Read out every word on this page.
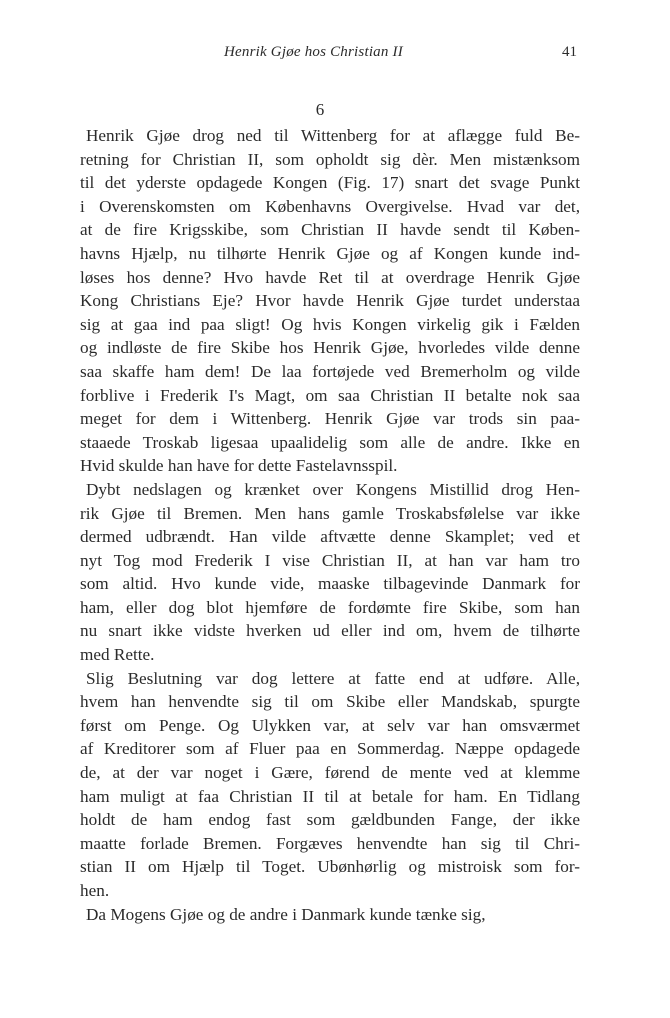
Henrik Gjøe hos Christian II	41
6
Henrik Gjøe drog ned til Wittenberg for at aflægge fuld Be-
retning for Christian II, som opholdt sig dèr. Men mistænksom
til det yderste opdagede Kongen (Fig. 17) snart det svage Punkt
i Overenskomsten om Københavns Overgivelse. Hvad var det,
at de fire Krigsskibe, som Christian II havde sendt til Køben-
havns Hjælp, nu tilhørte Henrik Gjøe og af Kongen kunde ind-
løses hos denne? Hvo havde Ret til at overdrage Henrik Gjøe
Kong Christians Eje? Hvor havde Henrik Gjøe turdet understaa
sig at gaa ind paa sligt! Og hvis Kongen virkelig gik i Fælden
og indløste de fire Skibe hos Henrik Gjøe, hvorledes vilde denne
saa skaffe ham dem! De laa fortøjede ved Bremerholm og vilde
forblive i Frederik I's Magt, om saa Christian II betalte nok saa
meget for dem i Wittenberg. Henrik Gjøe var trods sin paa-
staaede Troskab ligesaa upaalidelig som alle de andre. Ikke en
Hvid skulde han have for dette Fastelavnsspil.
Dybt nedslagen og krænket over Kongens Mistillid drog Hen-
rik Gjøe til Bremen. Men hans gamle Troskabsfølelse var ikke
dermed udbrændt. Han vilde aftvætte denne Skamplet; ved et
nyt Tog mod Frederik I vise Christian II, at han var ham tro
som altid. Hvo kunde vide, maaske tilbagevinde Danmark for
ham, eller dog blot hjemføre de fordømte fire Skibe, som han
nu snart ikke vidste hverken ud eller ind om, hvem de tilhørte
med Rette.
Slig Beslutning var dog lettere at fatte end at udføre. Alle,
hvem han henvendte sig til om Skibe eller Mandskab, spurgte
først om Penge. Og Ulykken var, at selv var han omsværmet
af Kreditorer som af Fluer paa en Sommerdag. Næppe opdagede
de, at der var noget i Gære, førend de mente ved at klemme
ham muligt at faa Christian II til at betale for ham. En Tidlang
holdt de ham endog fast som gældbunden Fange, der ikke
maatte forlade Bremen. Forgæves henvendte han sig til Chri-
stian II om Hjælp til Toget. Ubønhørlig og mistroisk som for-
hen.
Da Mogens Gjøe og de andre i Danmark kunde tænke sig,
